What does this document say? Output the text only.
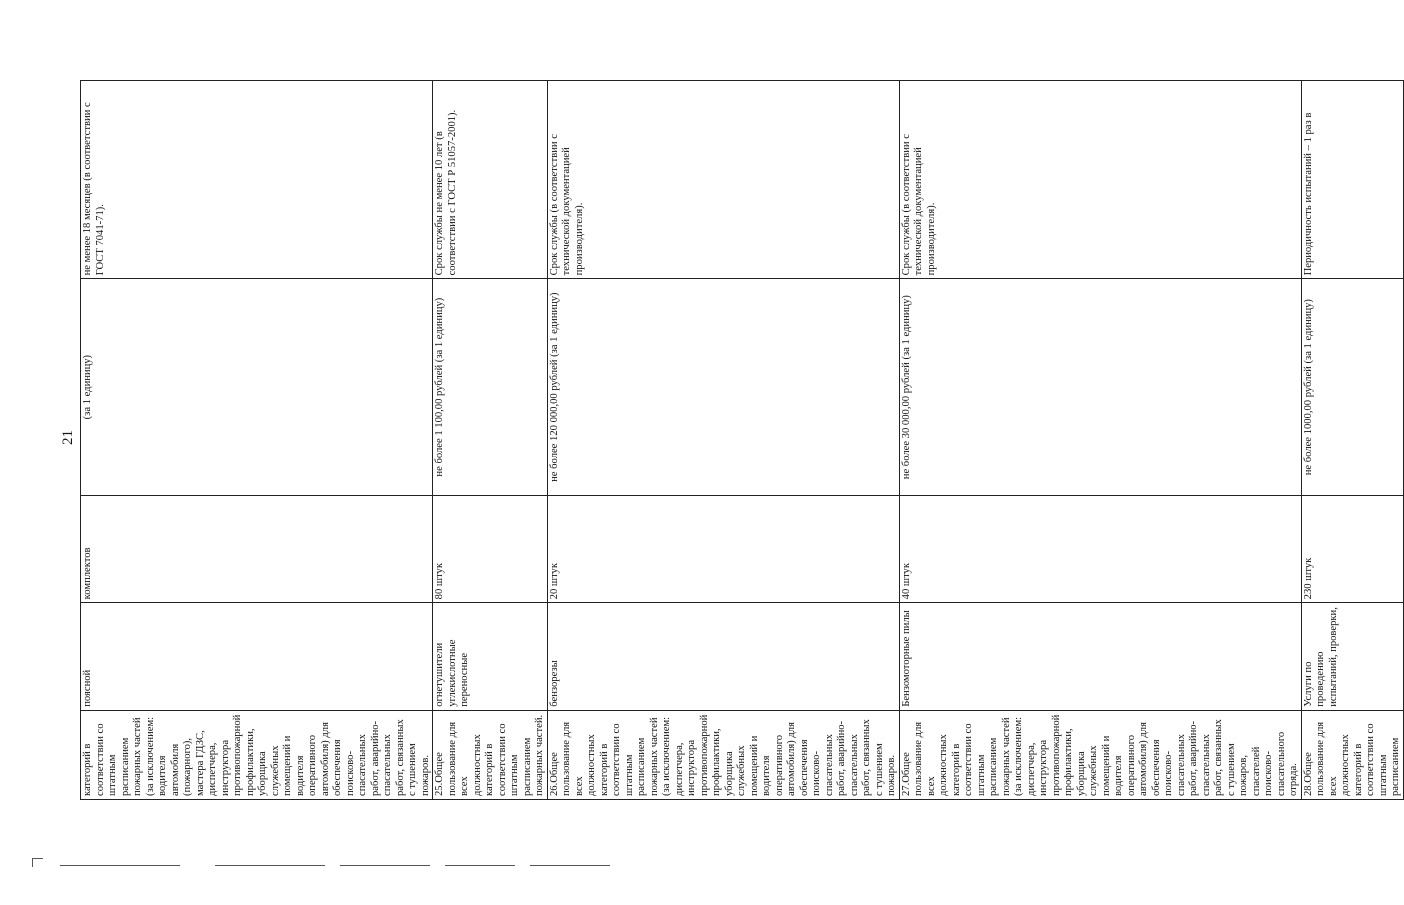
21
категорий в соответствии со штатным расписанием пожарных частей (за исключением: водителя автомобиля (пожарного), мастера ГДЗС, диспетчера, инструктора противопожарной профилактики, уборщика служебных помещений и водителя оперативного автомобиля) для обеспечения поисково-спасательных работ, аварийно-спасательных работ, связанных с тушением пожаров.	поясной	комплектов	(за 1 единицу)	не менее 18 месяцев (в соответствии с ГОСТ 7041-71).
25.Общее пользование для всех должностных категорий в соответствии со штатным расписанием пожарных частей.	огнетушители углекислотные переносные	80 штук	не более 1 100,00 рублей (за 1 единицу)	Срок службы не менее 10 лет (в соответствии с ГОСТ Р 51057-2001).
26.Общее пользование для всех должностных категорий в соответствии со штатным расписанием пожарных частей (за исключением: диспетчера, инструктора противопожарной профилактики, уборщика служебных помещений и водителя оперативного автомобиля) для обеспечения поисково-спасательных работ, аварийно-спасательных работ, связанных с тушением пожаров.	бензорезы	20 штук	не более 120 000,00 рублей (за 1 единицу)	Срок службы (в соответствии с технической документацией производителя).
27.Общее пользование для всех должностных категорий в соответствии со штатным расписанием пожарных частей (за исключением: диспетчера, инструктора противопожарной профилактики, уборщика служебных помещений и водителя оперативного автомобиля) для обеспечения поисково-спасательных работ, аварийно-спасательных работ, связанных с тушением пожаров, спасателей поисково-спасательного отряда.	Бензомоторные пилы	40 штук	не более 30 000,00 рублей (за 1 единицу)	Срок службы (в соответствии с технической документацией производителя).
28.Общее пользование для всех должностных категорий в соответствии со штатным расписанием	Услуги по проведению испытаний, проверки,	230 штук	не более 1000,00 рублей (за 1 единицу)	Периодичность испытаний – 1 раз в
